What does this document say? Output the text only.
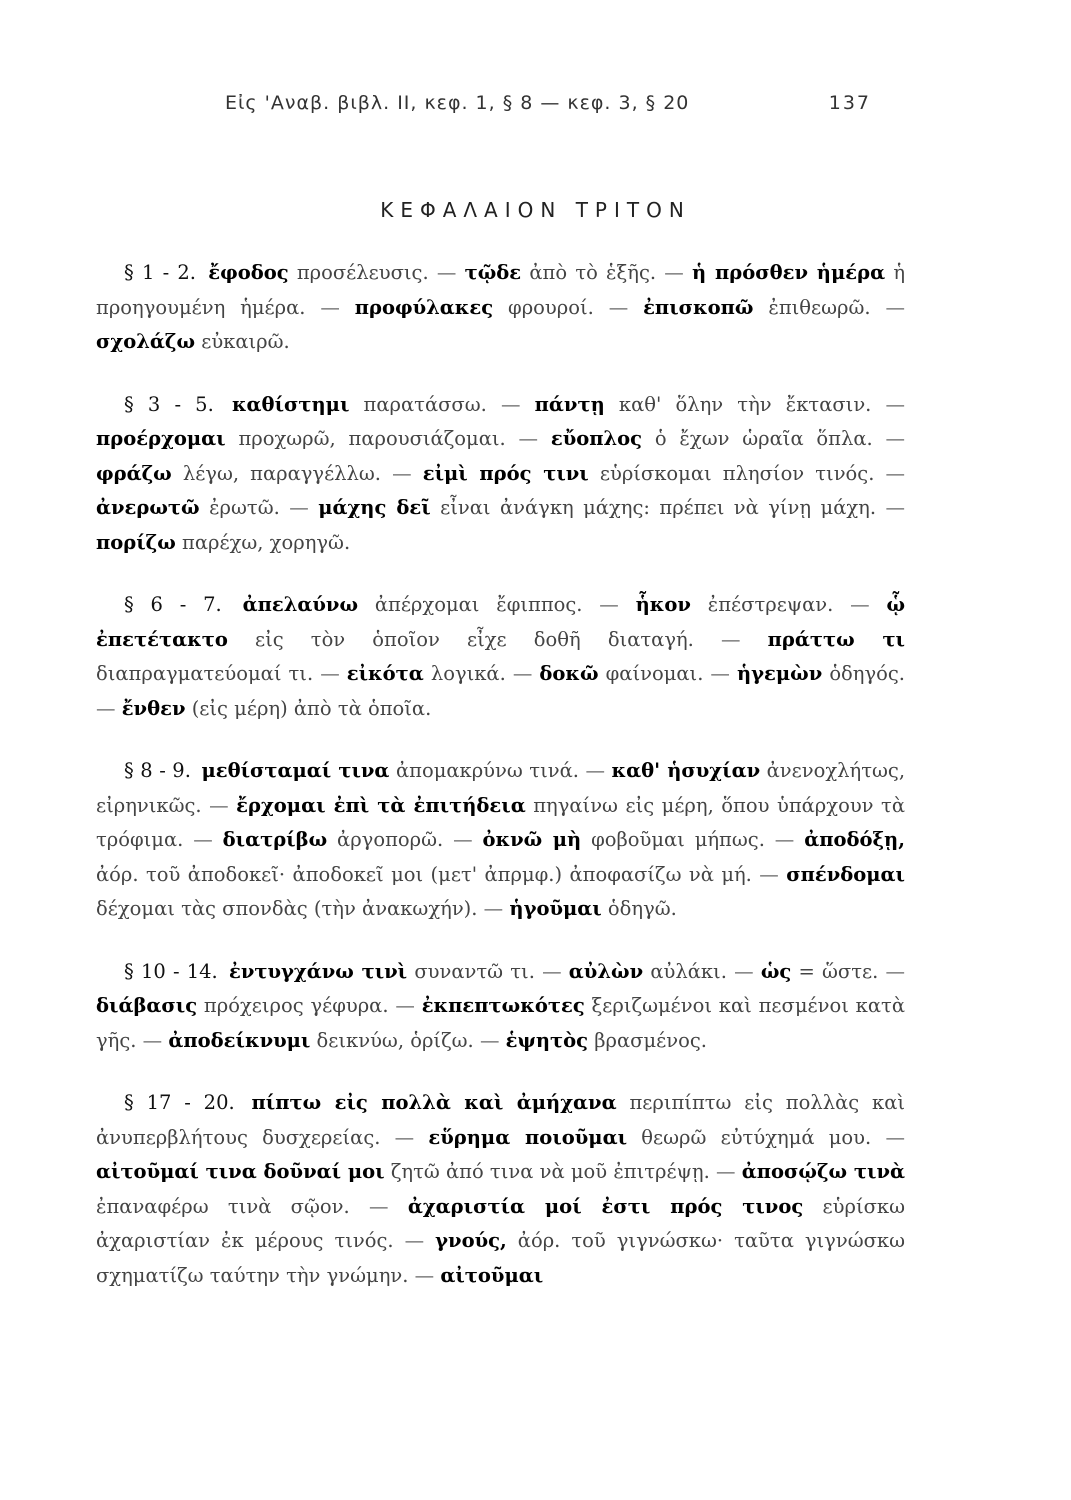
Εἰς 'Αναβ. βιβλ. II, κεφ. 1, § 8 — κεφ. 3, § 20	137
ΚΕΦΑΛΑΙΟΝ ΤΡΙΤΟΝ

§ 1 - 2. ἔφοδος προσέλευσις. — τῷδε ἀπὸ τὸ ἑξῆς. — ἡ πρόσθεν ἡμέρα ἡ προηγουμένη ἡμέρα. — προφύλακες φρουροί. — ἐπισκοπῶ ἐπιθεωρῶ. — σχολάζω εὐκαιρῶ.

§ 3 - 5. καθίστημι παρατάσσω. — πάντῃ καθ' ὅλην τὴν ἔκτασιν. — προέρχομαι προχωρῶ, παρουσιάζομαι. — εὔοπλος ὁ ἔχων ὡραῖα ὅπλα. — φράζω λέγω, παραγγέλλω. — εἰμὶ πρός τινι εὑρίσκομαι πλησίον τινός. — ἀνερωτῶ ἐρωτῶ. — μάχης δεῖ εἶναι ἀνάγκη μάχης: πρέπει νὰ γίνῃ μάχη. — πορίζω παρέχω, χορηγῶ.

§ 6 - 7. ἀπελαύνω ἀπέρχομαι ἔφιππος. — ἧκον ἐπέστρεψαν. — ᾧ ἐπετέτακτο εἰς τὸν ὁποῖον εἶχε δοθῆ διαταγή. — πράττω τι διαπραγματεύομαί τι. — εἰκότα λογικά. — δοκῶ φαίνομαι. — ἡγεμὼν ὁδηγός. — ἔνθεν (εἰς μέρη) ἀπὸ τὰ ὁποῖα.

§ 8 - 9. μεθίσταμαί τινα ἀπομακρύνω τινά. — καθ' ἡσυχίαν ἀνενοχλήτως, εἰρηνικῶς. — ἔρχομαι ἐπὶ τὰ ἐπιτήδεια πηγαίνω εἰς μέρη, ὅπου ὑπάρχουν τὰ τρόφιμα. — διατρίβω ἀργοπορῶ. — ὀκνῶ μὴ φοβοῦμαι μήπως. — ἀποδόξῃ, ἀόρ. τοῦ ἀποδοκεῖ· ἀποδοκεῖ μοι (μετ' ἀπρμφ.) ἀποφασίζω νὰ μή. — σπένδομαι δέχομαι τὰς σπονδὰς (τὴν ἀνακωχήν). — ἡγοῦμαι ὁδηγῶ.

§ 10 - 14. ἐντυγχάνω τινὶ συναντῶ τι. — αὐλὼν αὐλάκι. — ὡς = ὥστε. — διάβασις πρόχειρος γέφυρα. — ἐκπεπτωκότες ξεριζωμένοι καὶ πεσμένοι κατὰ γῆς. — ἀποδείκνυμι δεικνύω, ὁρίζω. — ἑψητὸς βρασμένος.

§ 17 - 20. πίπτω εἰς πολλὰ καὶ ἀμήχανα περιπίπτω εἰς πολλὰς καὶ ἀνυπερβλήτους δυσχερείας. — εὕρημα ποιοῦμαι θεωρῶ εὐτύχημά μου. — αἰτοῦμαί τινα δοῦναί μοι ζητῶ ἀπό τινα νὰ μοῦ ἐπιτρέψῃ. — ἀποσῴζω τινὰ ἐπαναφέρω τινὰ σῷον. — ἀχαριστία μοί ἐστι πρός τινος εὑρίσκω ἀχαριστίαν ἐκ μέρους τινός. — γνούς, ἀόρ. τοῦ γιγνώσκω· ταῦτα γιγνώσκω σχηματίζω ταύτην τὴν γνώμην. — αἰτοῦμαι
